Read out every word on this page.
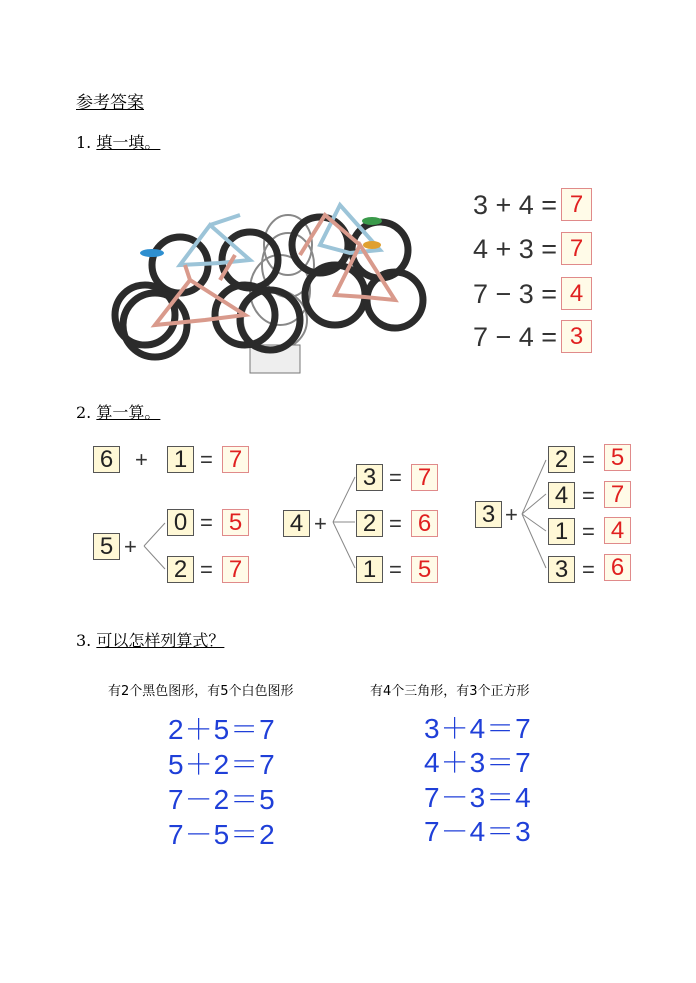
参考答案
1. 填一填。
3 + 4 = 7
4 + 3 = 7
7 − 3 = 4
7 − 4 = 3
2. 算一算。
6 + 1 = 7
5 +
0 = 5
2 = 7
4 +
3 = 7
2 = 6
1 = 5
3 +
2 = 5
4 = 7
1 = 4
3 = 6
3. 可以怎样列算式？
有2个黑色图形，有5个白色图形
2＋5＝7
5＋2＝7
7－2＝5
7－5＝2
有4个三角形，有3个正方形
3＋4＝7
4＋3＝7
7－3＝4
7－4＝3
